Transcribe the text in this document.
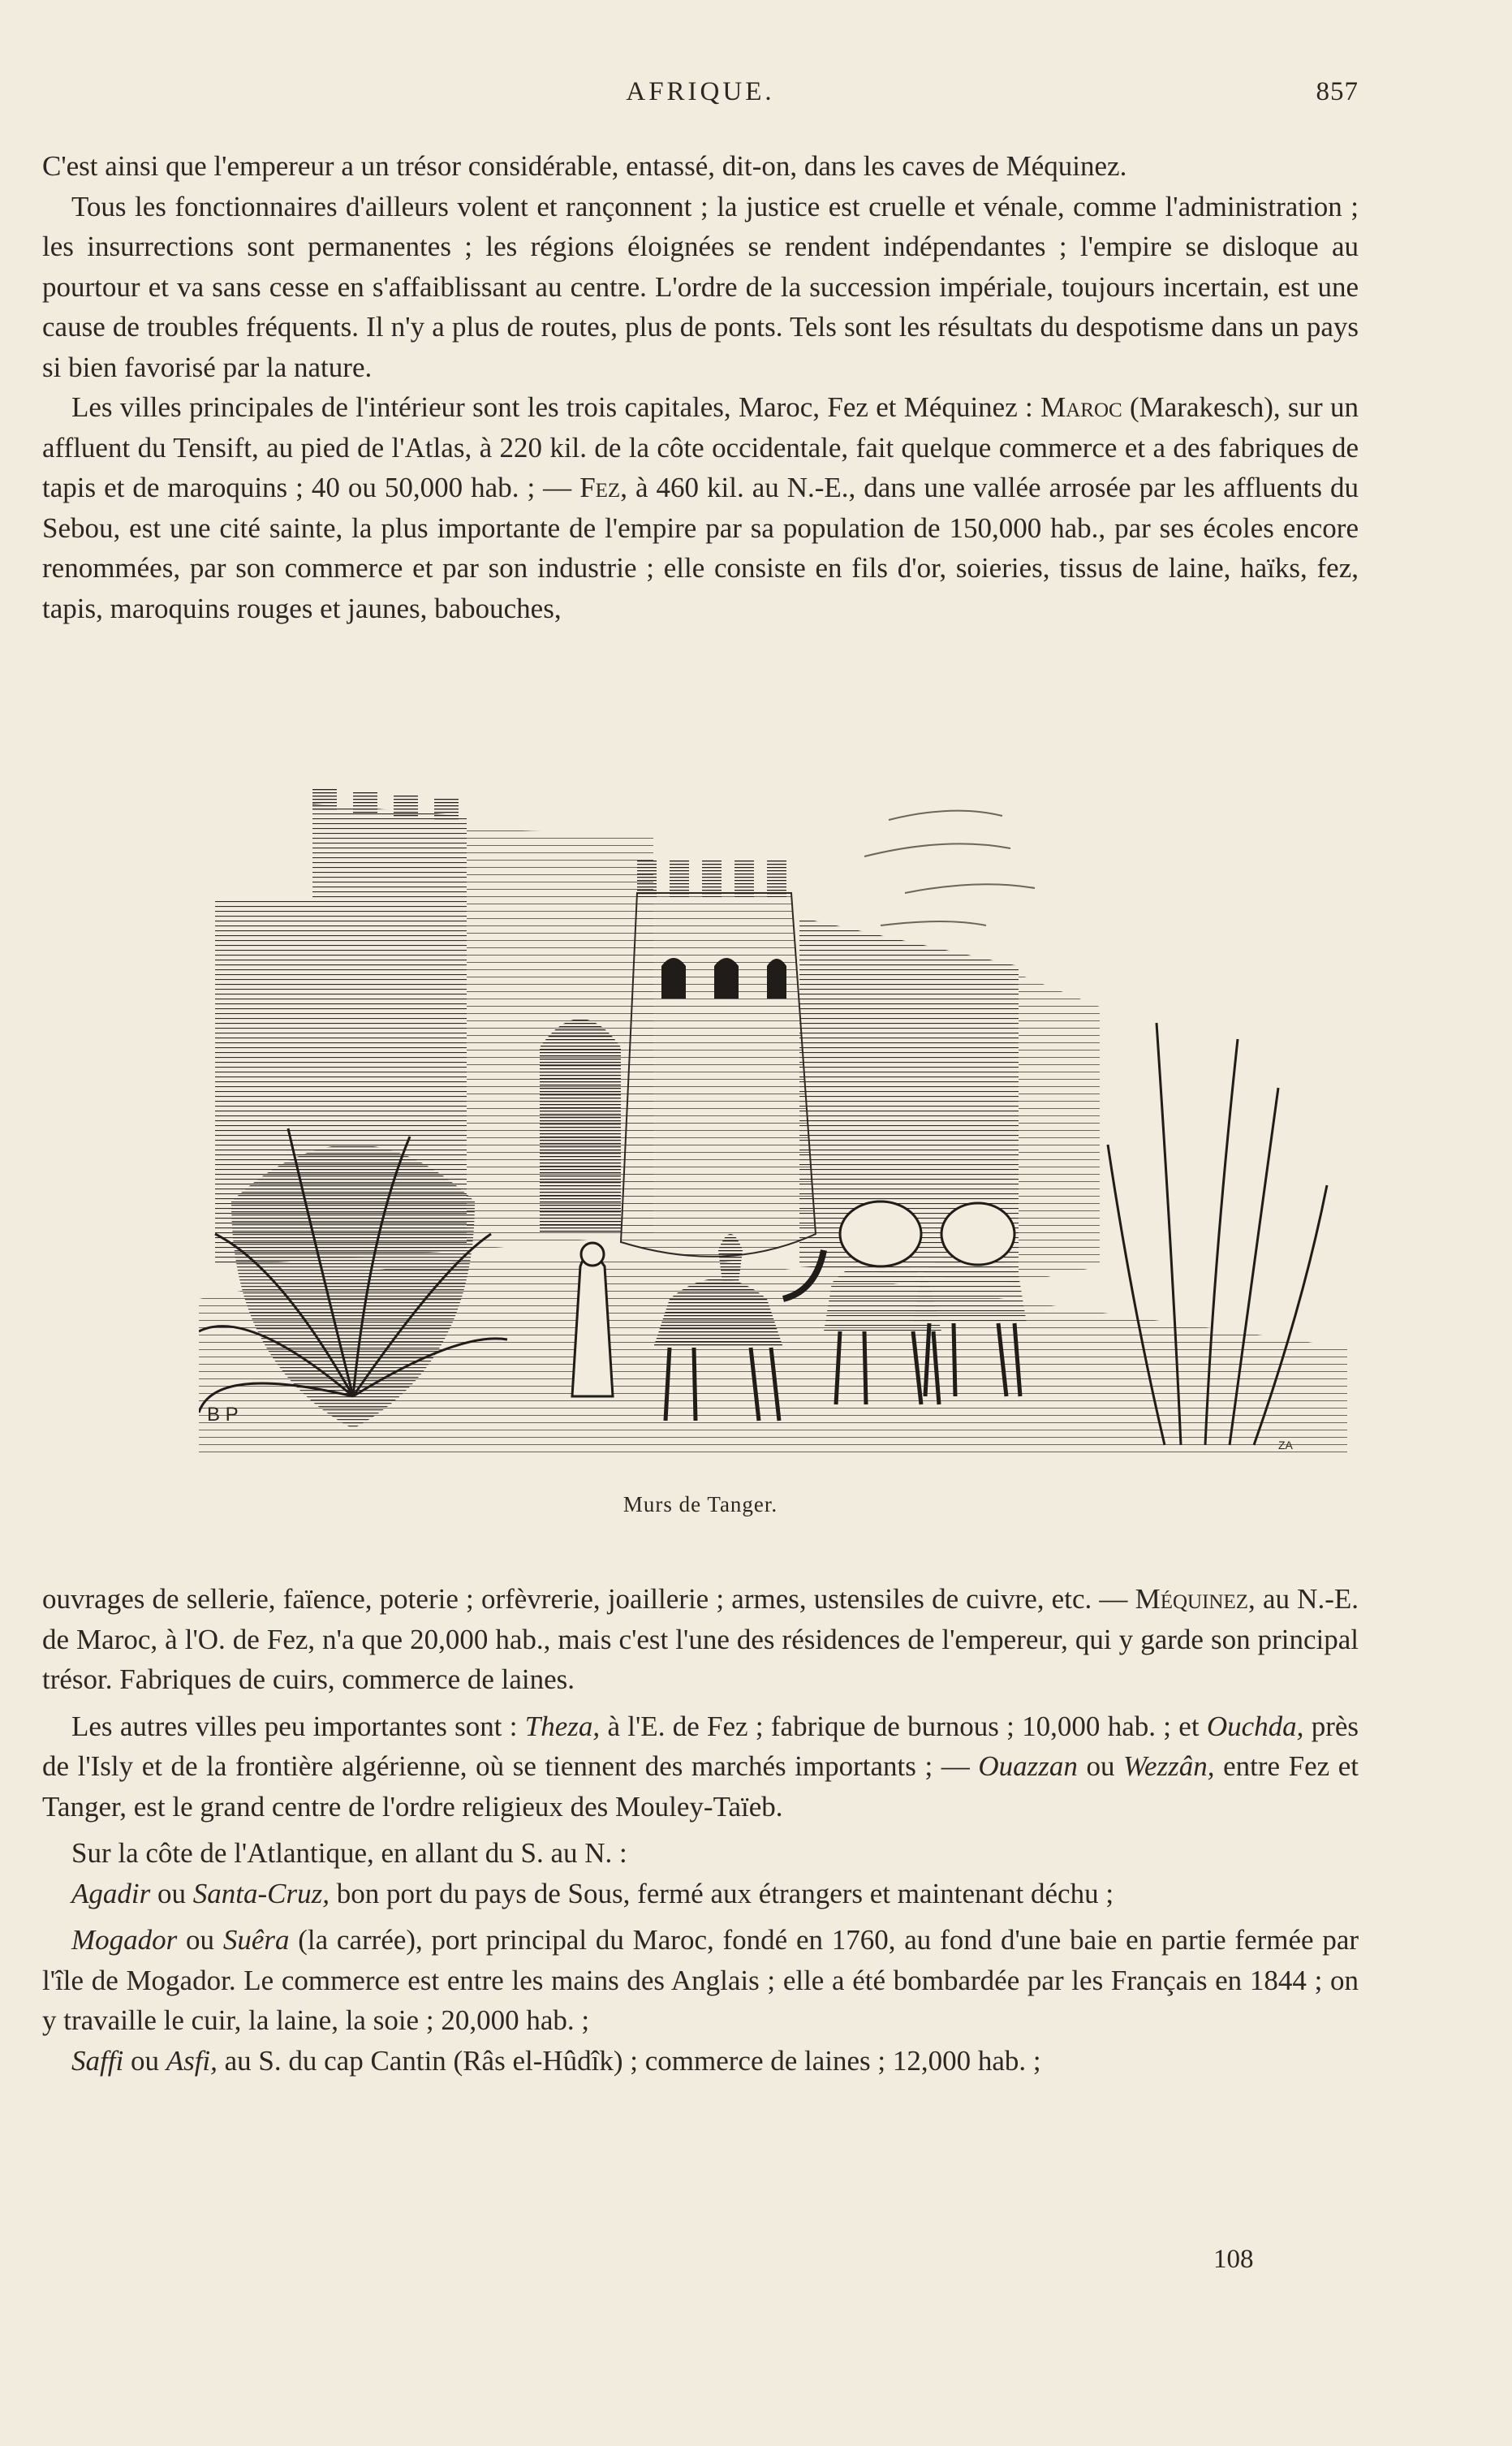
AFRIQUE.	857

C'est ainsi que l'empereur a un trésor considérable, entassé, dit-on, dans les caves de Méquinez.

Tous les fonctionnaires d'ailleurs volent et rançonnent ; la justice est cruelle et vénale, comme l'administration ; les insurrections sont permanentes ; les régions éloignées se rendent indépendantes ; l'empire se disloque au pourtour et va sans cesse en s'affaiblissant au centre. L'ordre de la succession impériale, toujours incertain, est une cause de troubles fréquents. Il n'y a plus de routes, plus de ponts. Tels sont les résultats du despotisme dans un pays si bien favorisé par la nature.

Les villes principales de l'intérieur sont les trois capitales, Maroc, Fez et Méquinez : Maroc (Marakesch), sur un affluent du Tensift, au pied de l'Atlas, à 220 kil. de la côte occidentale, fait quelque commerce et a des fabriques de tapis et de maroquins ; 40 ou 50,000 hab. ; — Fez, à 460 kil. au N.-E., dans une vallée arrosée par les affluents du Sebou, est une cité sainte, la plus importante de l'empire par sa population de 150,000 hab., par ses écoles encore renommées, par son commerce et par son industrie ; elle consiste en fils d'or, soieries, tissus de laine, haïks, fez, tapis, maroquins rouges et jaunes, babouches,

B P
ZA
Murs de Tanger.

ouvrages de sellerie, faïence, poterie ; orfèvrerie, joaillerie ; armes, ustensiles de cuivre, etc. — Méquinez, au N.-E. de Maroc, à l'O. de Fez, n'a que 20,000 hab., mais c'est l'une des résidences de l'empereur, qui y garde son principal trésor. Fabriques de cuirs, commerce de laines.

Les autres villes peu importantes sont : Theza, à l'E. de Fez ; fabrique de burnous ; 10,000 hab. ; et Ouchda, près de l'Isly et de la frontière algérienne, où se tiennent des marchés importants ; — Ouazzan ou Wezzân, entre Fez et Tanger, est le grand centre de l'ordre religieux des Mouley-Taïeb.

Sur la côte de l'Atlantique, en allant du S. au N. :

Agadir ou Santa-Cruz, bon port du pays de Sous, fermé aux étrangers et maintenant déchu ;

Mogador ou Suêra (la carrée), port principal du Maroc, fondé en 1760, au fond d'une baie en partie fermée par l'île de Mogador. Le commerce est entre les mains des Anglais ; elle a été bombardée par les Français en 1844 ; on y travaille le cuir, la laine, la soie ; 20,000 hab. ;

Saffi ou Asfi, au S. du cap Cantin (Râs el-Hûdîk) ; commerce de laines ; 12,000 hab. ;

108
